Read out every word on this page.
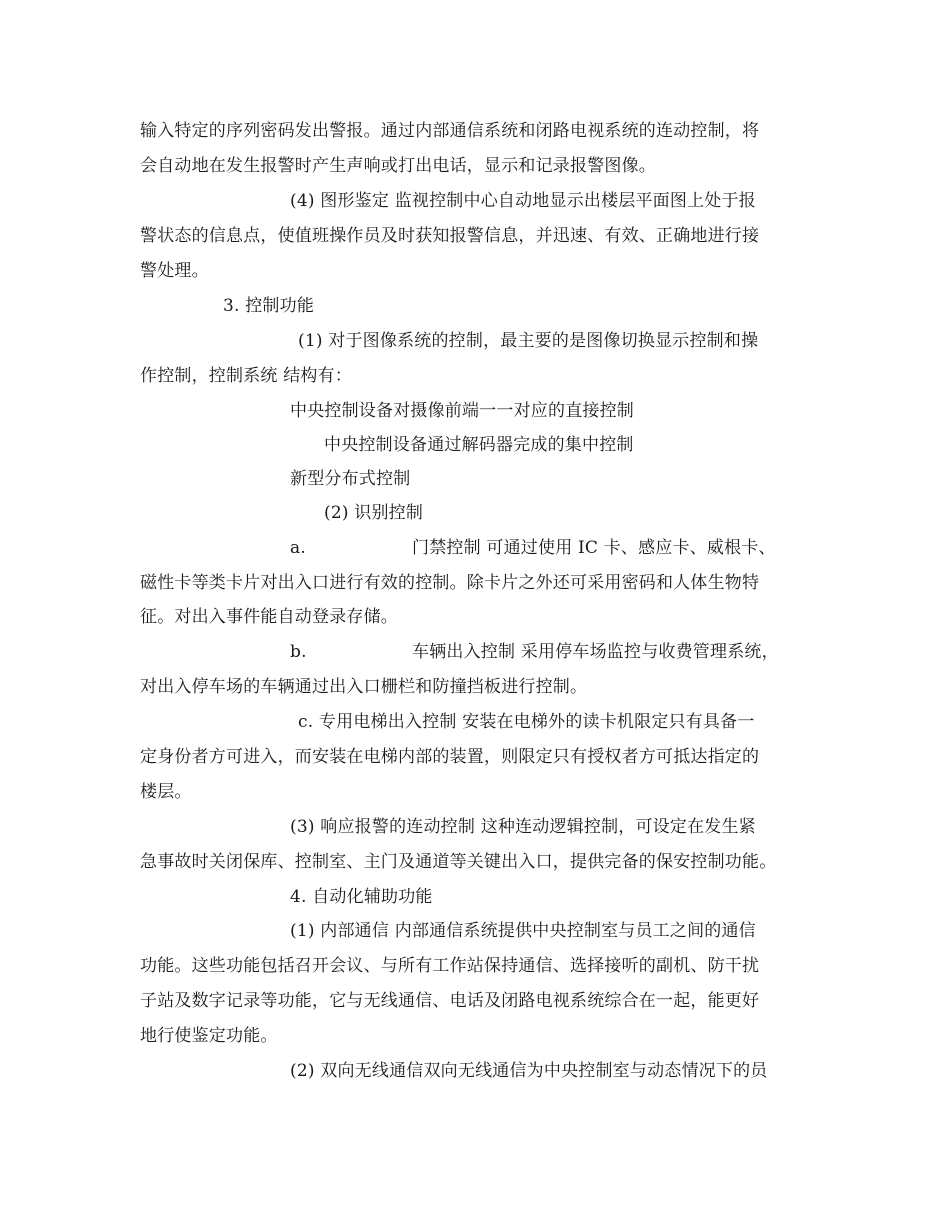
输入特定的序列密码发出警报。通过内部通信系统和闭路电视系统的连动控制，将
会自动地在发生报警时产生声响或打出电话，显示和记录报警图像。
(4) 图形鉴定 监视控制中心自动地显示出楼层平面图上处于报
警状态的信息点，使值班操作员及时获知报警信息，并迅速、有效、正确地进行接
警处理。
3. 控制功能
(1) 对于图像系统的控制，最主要的是图像切换显示控制和操
作控制，控制系统 结构有：
中央控制设备对摄像前端一一对应的直接控制
中央控制设备通过解码器完成的集中控制
新型分布式控制
(2) 识别控制
a.	门禁控制 可通过使用 IC 卡、感应卡、威根卡、
磁性卡等类卡片对出入口进行有效的控制。除卡片之外还可采用密码和人体生物特
征。对出入事件能自动登录存储。
b.	车辆出入控制 采用停车场监控与收费管理系统，
对出入停车场的车辆通过出入口栅栏和防撞挡板进行控制。
c. 专用电梯出入控制 安装在电梯外的读卡机限定只有具备一
定身份者方可进入，而安装在电梯内部的装置，则限定只有授权者方可抵达指定的
楼层。
(3) 响应报警的连动控制 这种连动逻辑控制，可设定在发生紧
急事故时关闭保库、控制室、主门及通道等关键出入口，提供完备的保安控制功能。
4. 自动化辅助功能
(1) 内部通信 内部通信系统提供中央控制室与员工之间的通信
功能。这些功能包括召开会议、与所有工作站保持通信、选择接听的副机、防干扰
子站及数字记录等功能，它与无线通信、电话及闭路电视系统综合在一起，能更好
地行使鉴定功能。
(2) 双向无线通信双向无线通信为中央控制室与动态情况下的员
